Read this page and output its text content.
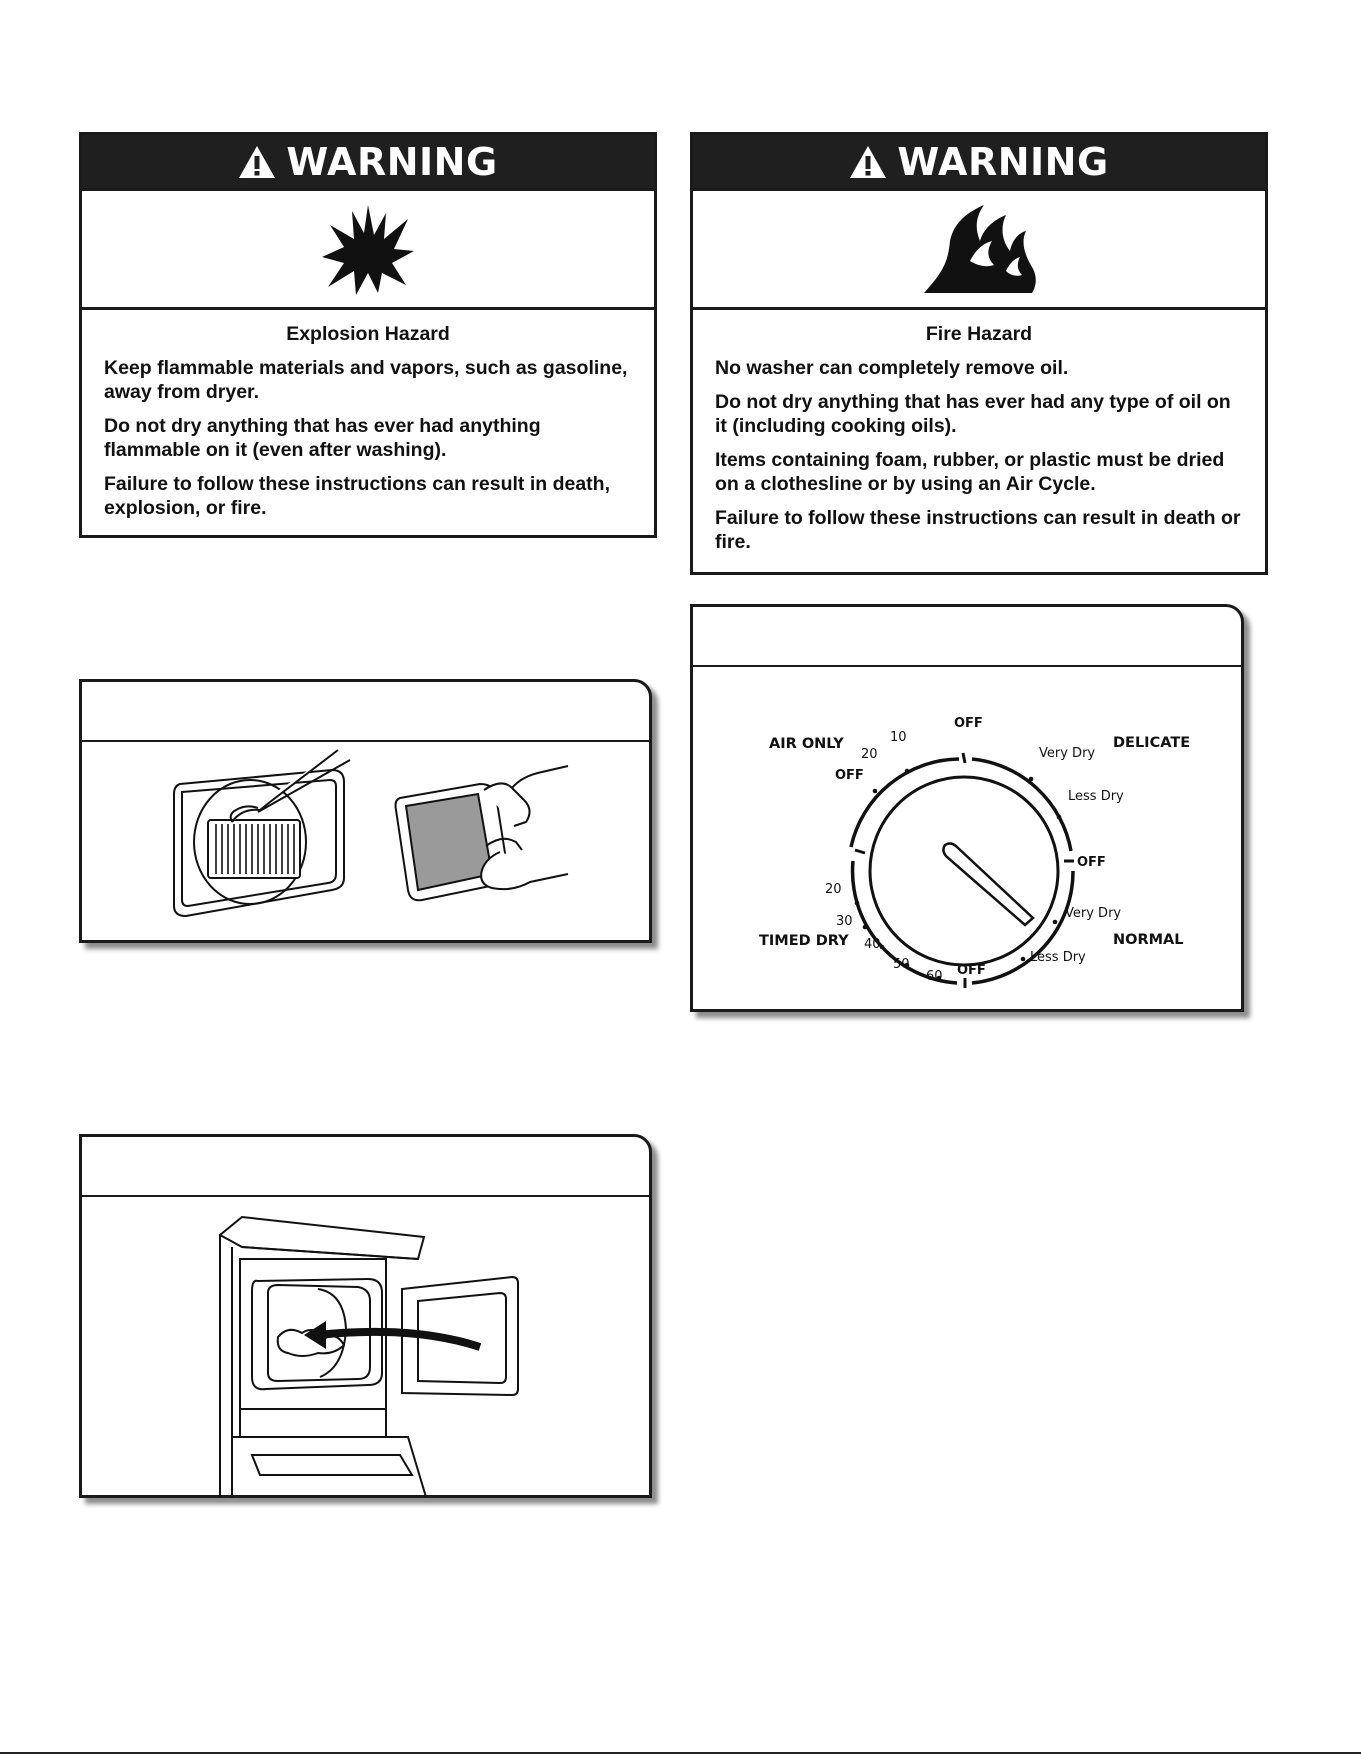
WARNING
Explosion Hazard

Keep flammable materials and vapors, such as gasoline, away from dryer.

Do not dry anything that has ever had anything flammable on it (even after washing).

Failure to follow these instructions can result in death, explosion, or fire.

WARNING
Fire Hazard

No washer can completely remove oil.

Do not dry anything that has ever had any type of oil on it (including cooking oils).

Items containing foam, rubber, or plastic must be dried on a clothesline or by using an Air Cycle.

Failure to follow these instructions can result in death or fire.

AIR ONLY	DELICATE
TIMED DRY	NORMAL
OFF
OFF
OFF
OFF
10
20
20
30
40
50
60
Very Dry
Less Dry
Very Dry
Less Dry
